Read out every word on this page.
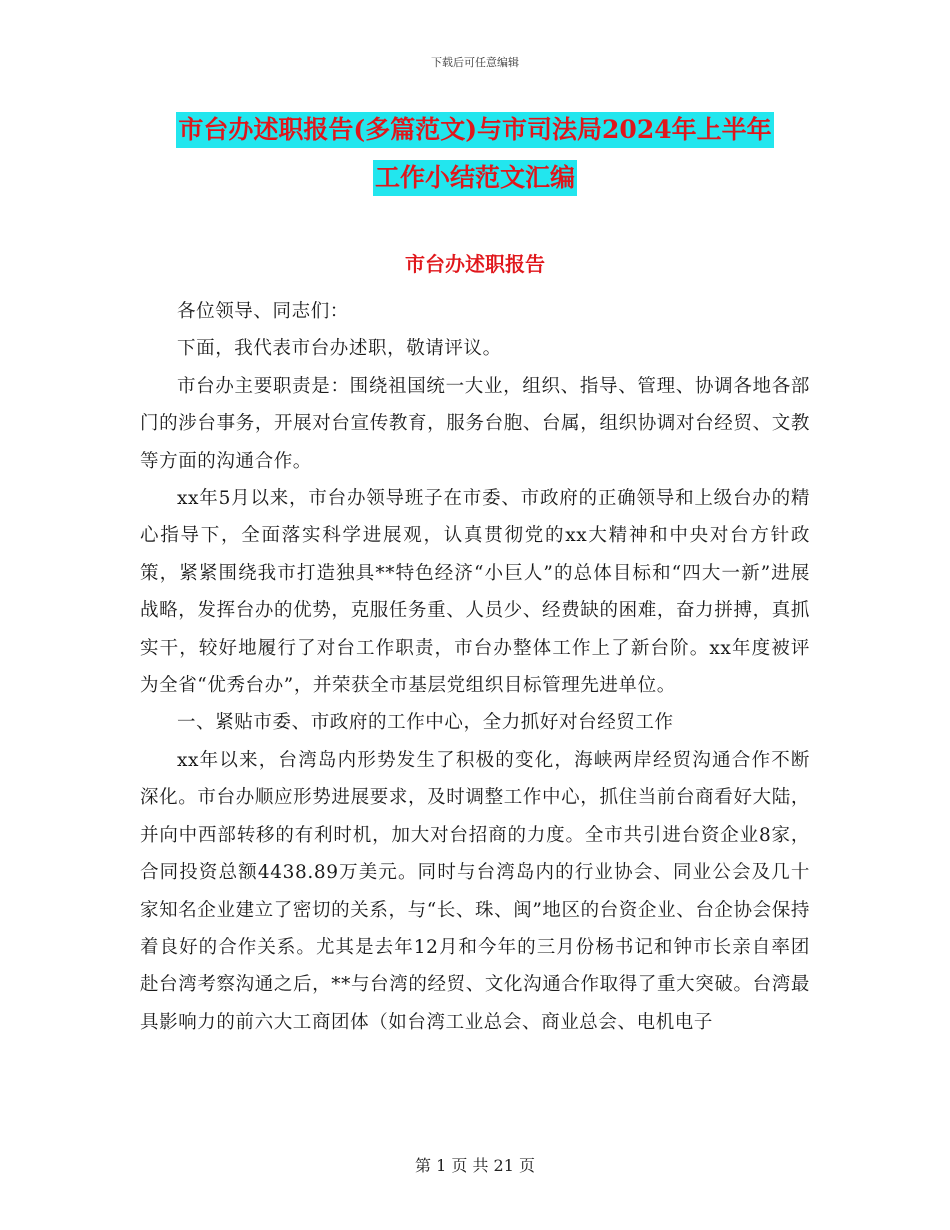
下载后可任意编辑
市台办述职报告(多篇范文)与市司法局2024年上半年
工作小结范文汇编
市台办述职报告

各位领导、同志们：

下面，我代表市台办述职，敬请评议。

市台办主要职责是：围绕祖国统一大业，组织、指导、管理、协调各地各部门的涉台事务，开展对台宣传教育，服务台胞、台属，组织协调对台经贸、文教等方面的沟通合作。

xx年5月以来，市台办领导班子在市委、市政府的正确领导和上级台办的精心指导下，全面落实科学进展观，认真贯彻党的xx大精神和中央对台方针政策，紧紧围绕我市打造独具**特色经济“小巨人”的总体目标和“四大一新”进展战略，发挥台办的优势，克服任务重、人员少、经费缺的困难，奋力拼搏，真抓实干，较好地履行了对台工作职责，市台办整体工作上了新台阶。xx年度被评为全省“优秀台办”，并荣获全市基层党组织目标管理先进单位。

一、紧贴市委、市政府的工作中心，全力抓好对台经贸工作

xx年以来，台湾岛内形势发生了积极的变化，海峡两岸经贸沟通合作不断深化。市台办顺应形势进展要求，及时调整工作中心，抓住当前台商看好大陆，并向中西部转移的有利时机，加大对台招商的力度。全市共引进台资企业8家，合同投资总额4438.89万美元。同时与台湾岛内的行业协会、同业公会及几十家知名企业建立了密切的关系，与“长、珠、闽”地区的台资企业、台企协会保持着良好的合作关系。尤其是去年12月和今年的三月份杨书记和钟市长亲自率团赴台湾考察沟通之后，**与台湾的经贸、文化沟通合作取得了重大突破。台湾最具影响力的前六大工商团体（如台湾工业总会、商业总会、电机电子

第 1 页 共 21 页
